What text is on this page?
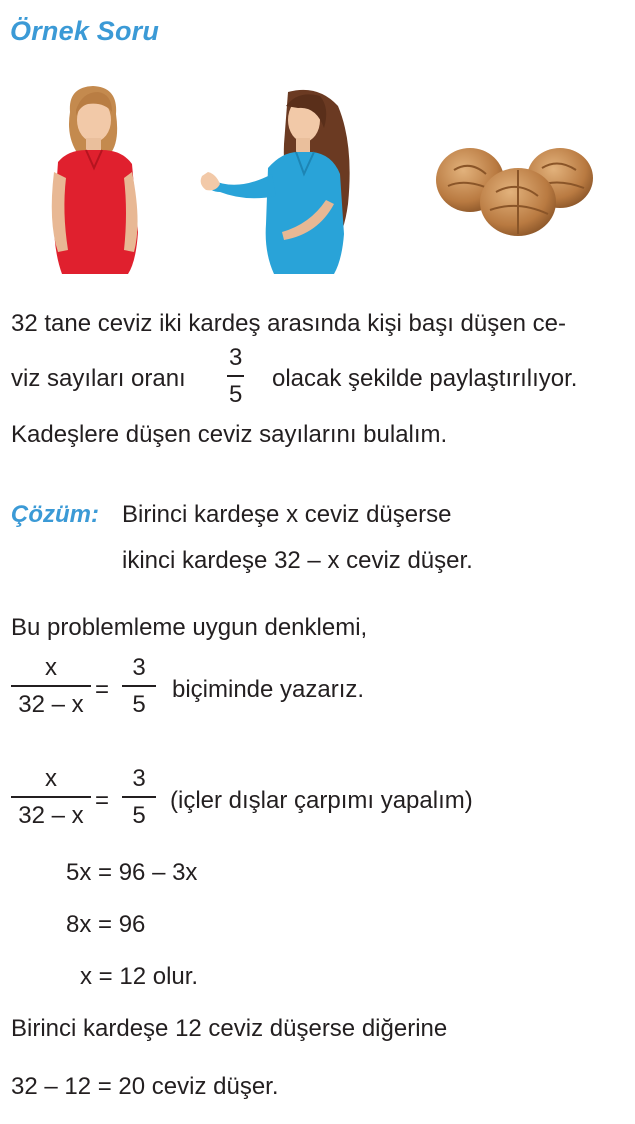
Örnek Soru
32 tane ceviz iki kardeş arasında kişi başı düşen ce-
viz sayıları oranı
3
5
olacak şekilde paylaştırılıyor.
Kadeşlere düşen ceviz sayılarını bulalım.
Çözüm: Birinci kardeşe x ceviz düşerse
ikinci kardeşe 32 – x ceviz düşer.
Bu problemleme uygun denklemi,
x
32 – x
=
3
5
biçiminde yazarız.
x
32 – x
=
3
5
(içler dışlar çarpımı yapalım)
5x = 96 – 3x
8x = 96
x = 12 olur.
Birinci kardeşe 12 ceviz düşerse diğerine
32 – 12 = 20 ceviz düşer.
